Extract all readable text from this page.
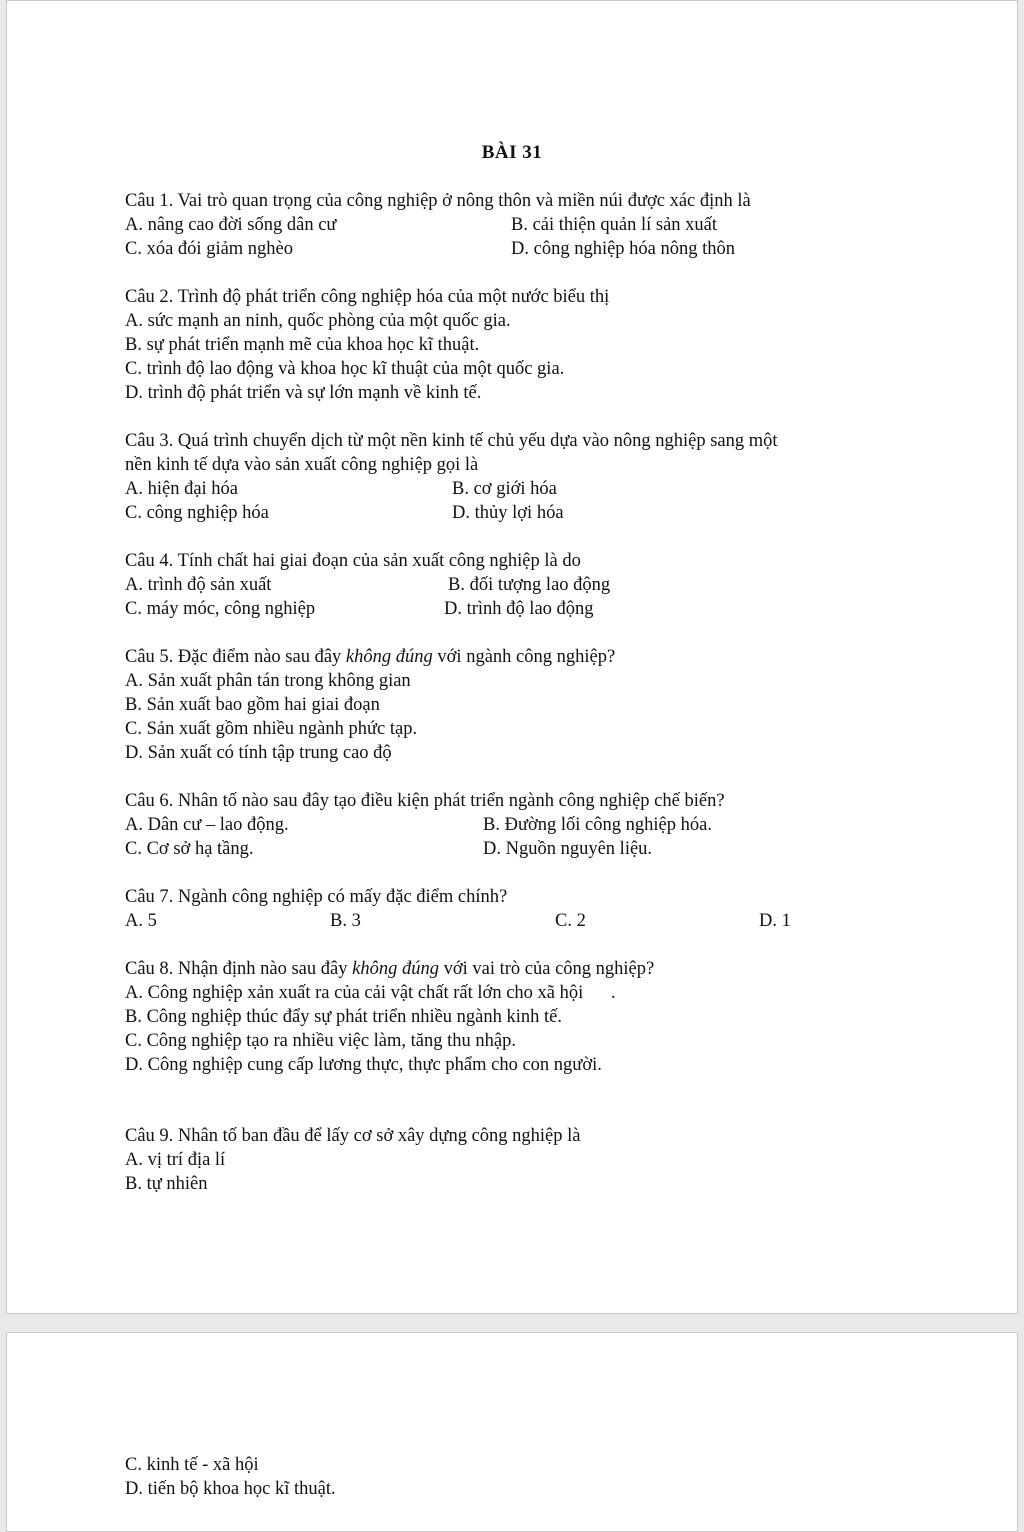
BÀI 31
Câu 1. Vai trò quan trọng của công nghiệp ở nông thôn và miền núi được xác định là
A. nâng cao đời sống dân cư	B. cải thiện quản lí sản xuất
C. xóa đói giảm nghèo	D. công nghiệp hóa nông thôn
Câu 2. Trình độ phát triển công nghiệp hóa của một nước biểu thị
A. sức mạnh an ninh, quốc phòng của một quốc gia.
B. sự phát triển mạnh mẽ của khoa học kĩ thuật.
C. trình độ lao động và khoa học kĩ thuật của một quốc gia.
D. trình độ phát triển và sự lớn mạnh về kinh tế.
Câu 3. Quá trình chuyển dịch từ một nền kinh tế chủ yếu dựa vào nông nghiệp sang một
nền kinh tế dựa vào sản xuất công nghiệp gọi là
A. hiện đại hóa	B. cơ giới hóa
C. công nghiệp hóa	D. thủy lợi hóa
Câu 4. Tính chất hai giai đoạn của sản xuất công nghiệp là do
A. trình độ sản xuất	B. đối tượng lao động
C. máy móc, công nghiệp	D. trình độ lao động
Câu 5. Đặc điểm nào sau đây không đúng với ngành công nghiệp?
A. Sản xuất phân tán trong không gian
B. Sản xuất bao gồm hai giai đoạn
C. Sản xuất gồm nhiều ngành phức tạp.
D. Sản xuất có tính tập trung cao độ
Câu 6. Nhân tố nào sau đây tạo điều kiện phát triển ngành công nghiệp chế biến?
A. Dân cư – lao động.	B. Đường lối công nghiệp hóa.
C. Cơ sở hạ tầng.	D. Nguồn nguyên liệu.
Câu 7. Ngành công nghiệp có mấy đặc điểm chính?
A. 5	B. 3	C. 2	D. 1
Câu 8. Nhận định nào sau đây không đúng với vai trò của công nghiệp?
A. Công nghiệp xản xuất ra của cải vật chất rất lớn cho xã hội      .
B. Công nghiệp thúc đẩy sự phát triển nhiều ngành kinh tế.
C. Công nghiệp tạo ra nhiều việc làm, tăng thu nhập.
D. Công nghiệp cung cấp lương thực, thực phẩm cho con người.
Câu 9. Nhân tố ban đầu để lấy cơ sở xây dựng công nghiệp là
A. vị trí địa lí
B. tự nhiên
C. kinh tế - xã hội
D. tiến bộ khoa học kĩ thuật.
